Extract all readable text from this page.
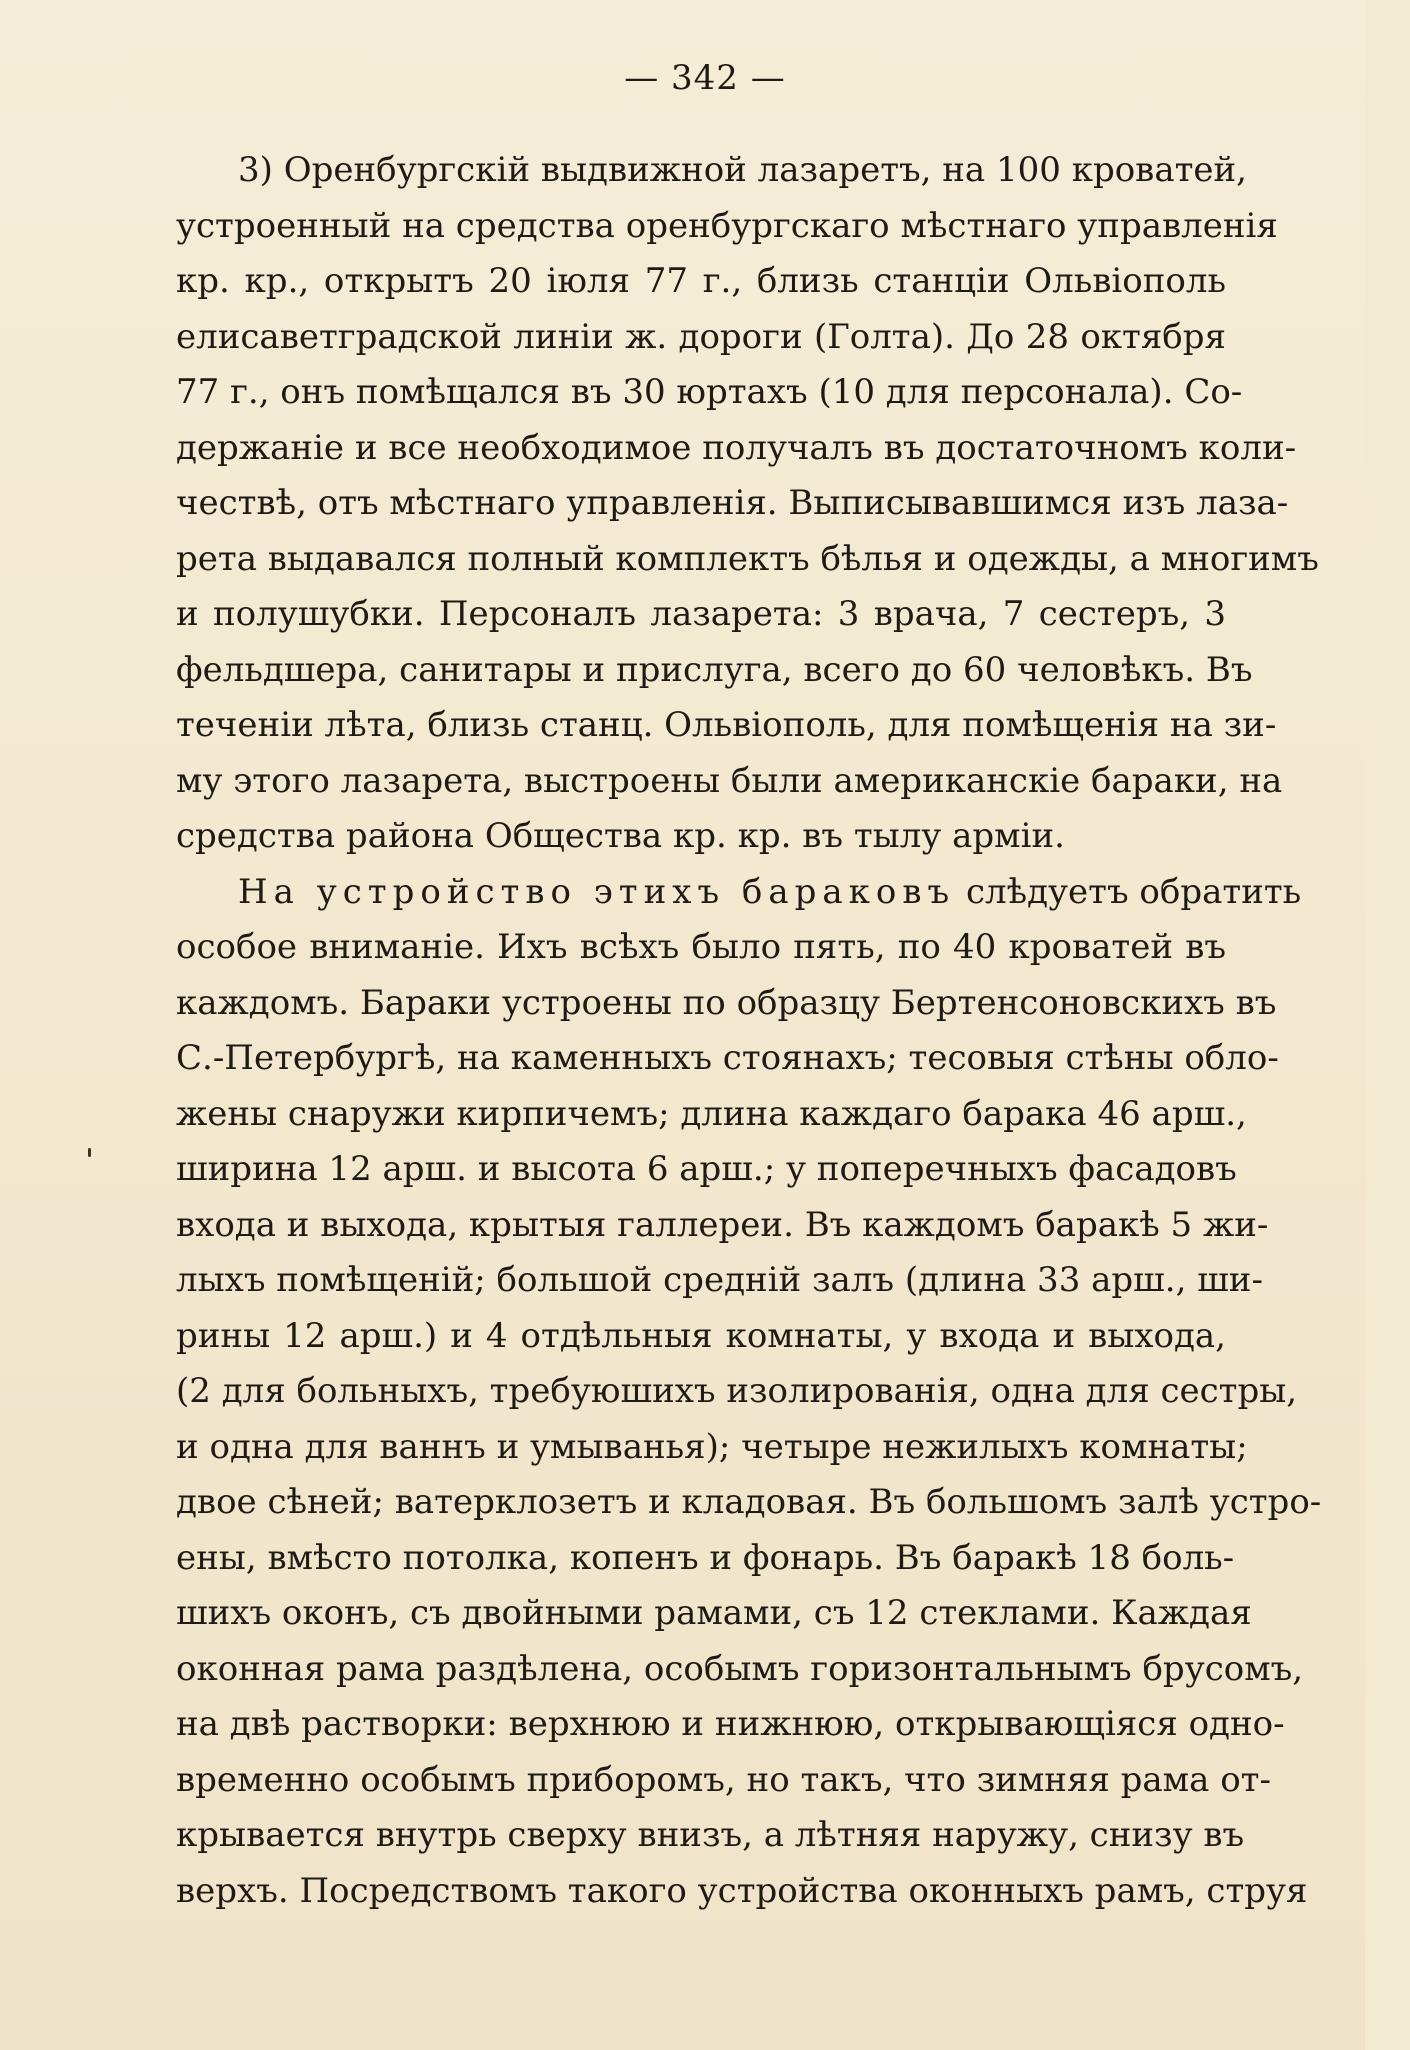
— 342 —
3) Оренбургскiй выдвижной лазаретъ, на 100 кроватей,
устроенный на средства оренбургскаго мѣстнаго управленiя
кр. кр., открытъ 20 iюля 77 г., близь станцiи Ольвiополь
елисаветградской линiи ж. дороги (Голта). До 28 октября
77 г., онъ помѣщался въ 30 юртахъ (10 для персонала). Со-
держанiе и все необходимое получалъ въ достаточномъ коли-
чествѣ, отъ мѣстнаго управленiя. Выписывавшимся изъ лаза-
рета выдавался полный комплектъ бѣлья и одежды, а многимъ
и полушубки. Персоналъ лазарета: 3 врача, 7 сестеръ, 3
фельдшера, санитары и прислуга, всего до 60 человѣкъ. Въ
теченiи лѣта, близь станц. Ольвiополь, для помѣщенiя на зи-
му этого лазарета, выстроены были американскiе бараки, на
средства района Общества кр. кр. въ тылу армiи.
На устройство этихъ бараковъ слѣдуетъ обратить
особое вниманiе. Ихъ всѣхъ было пять, по 40 кроватей въ
каждомъ. Бараки устроены по образцу Бертенсоновскихъ въ
С.-Петербургѣ, на каменныхъ стоянахъ; тесовыя стѣны обло-
жены снаружи кирпичемъ; длина каждаго барака 46 арш.,
ширина 12 арш. и высота 6 арш.; у поперечныхъ фасадовъ
входа и выхода, крытыя галлереи. Въ каждомъ баракѣ 5 жи-
лыхъ помѣщенiй; большой среднiй залъ (длина 33 арш., ши-
рины 12 арш.) и 4 отдѣльныя комнаты, у входа и выхода,
(2 для больныхъ, требуюшихъ изолированiя, одна для сестры,
и одна для ваннъ и умыванья); четыре нежилыхъ комнаты;
двое сѣней; ватерклозетъ и кладовая. Въ большомъ залѣ устро-
ены, вмѣсто потолка, копенъ и фонарь. Въ баракѣ 18 боль-
шихъ оконъ, съ двойными рамами, съ 12 стеклами. Каждая
оконная рама раздѣлена, особымъ горизонтальнымъ брусомъ,
на двѣ растворки: верхнюю и нижнюю, открывающiяся одно-
временно особымъ приборомъ, но такъ, что зимняя рама от-
крывается внутрь сверху внизъ, а лѣтняя наружу, снизу въ
верхъ. Посредствомъ такого устройства оконныхъ рамъ, струя
